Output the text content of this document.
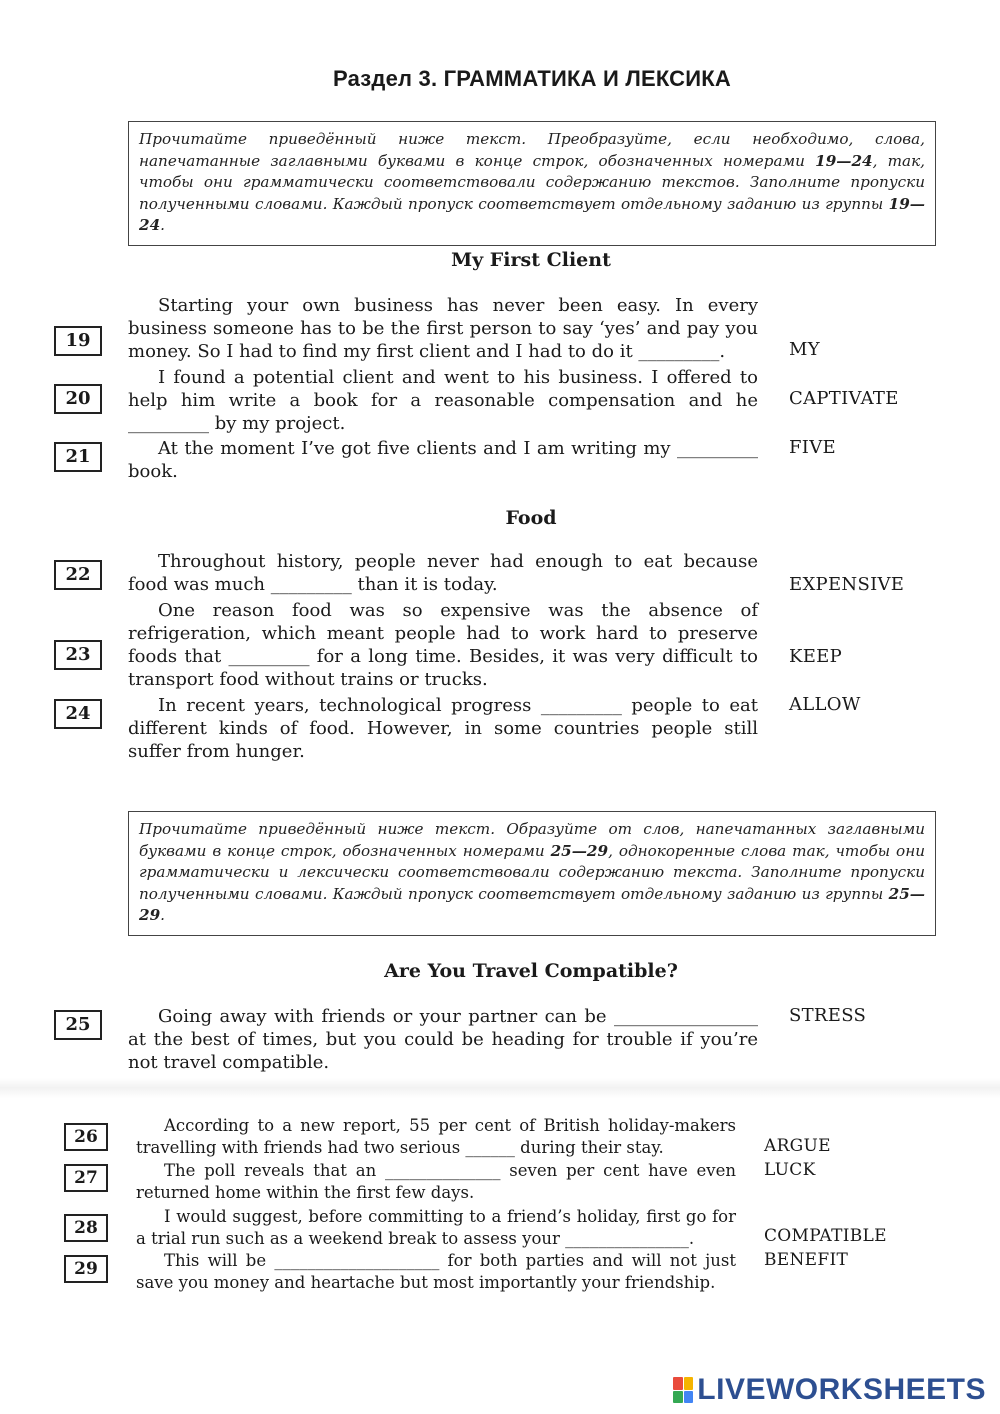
Раздел 3. ГРАММАТИКА И ЛЕКСИКА
Прочитайте приведённый ниже текст. Преобразуйте, если необходимо, слова, напечатанные заглавными буквами в конце строк, обозначенных номерами 19—24, так, чтобы они грамматически соответствовали содержанию текстов. Заполните пропуски полученными словами. Каждый пропуск соответствует отдельному заданию из группы 19—24.
My First Client
Starting your own business has never been easy. In every business someone has to be the first person to say ‘yes’ and pay you money. So I had to find my first client and I had to do it _________.
19	MY
I found a potential client and went to his business. I offered to help him write a book for a reasonable compensation and he _________ by my project.
20	CAPTIVATE
At the moment I’ve got five clients and I am writing my _________ book.
21	FIVE
Food
Throughout history, people never had enough to eat because food was much _________ than it is today.
22	EXPENSIVE
One reason food was so expensive was the absence of refrigeration, which meant people had to work hard to preserve foods that _________ for a long time. Besides, it was very difficult to transport food without trains or trucks.
23	KEEP
In recent years, technological progress _________ people to eat different kinds of food. However, in some countries people still suffer from hunger.
24	ALLOW
Прочитайте приведённый ниже текст. Образуйте от слов, напечатанных заглавными буквами в конце строк, обозначенных номерами 25—29, однокоренные слова так, чтобы они грамматически и лексически соответствовали содержанию текста. Заполните пропуски полученными словами. Каждый пропуск соответствует отдельному заданию из группы 25—29.
Are You Travel Compatible?
Going away with friends or your partner can be ________________ at the best of times, but you could be heading for trouble if you’re not travel compatible.
25	STRESS
According to a new report, 55 per cent of British holiday-makers travelling with friends had two serious ______ during their stay.
26	ARGUE
The poll reveals that an ______________ seven per cent have even returned home within the first few days.
27	LUCK
I would suggest, before committing to a friend’s holiday, first go for a trial run such as a weekend break to assess your _______________.
28	COMPATIBLE
This will be ____________________ for both parties and will not just save you money and heartache but most importantly your friendship.
29	BENEFIT
LIVEWORKSHEETS
